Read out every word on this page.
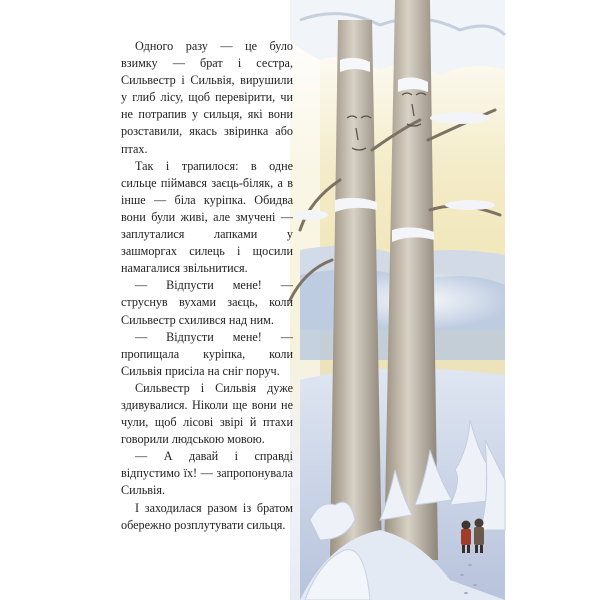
Одного разу — це було взимку — брат і сестра, Сильвестр і Сильвія, вирушили у глиб лісу, щоб перевірити, чи не потрапив у сильця, які вони розставили, якась звіринка або птах.

Так і трапилося: в одне сильце піймався заєць-біляк, а в інше — біла куріпка. Обидва вони були живі, але змучені — заплуталися лапками у зашморгах силець і щосили намагалися звільнитися.

— Відпусти мене! — струснув вухами заєць, коли Сильвестр схилився над ним.

— Відпусти мене! — пропищала куріпка, коли Сильвія присіла на сніг поруч.

Сильвестр і Сильвія дуже здивувалися. Ніколи ще вони не чули, щоб лісові звірі й птахи говорили людською мовою.

— А давай і справді відпустимо їх! — запропонувала Сильвія.

І заходилася разом із братом обережно розплутувати сильця.
